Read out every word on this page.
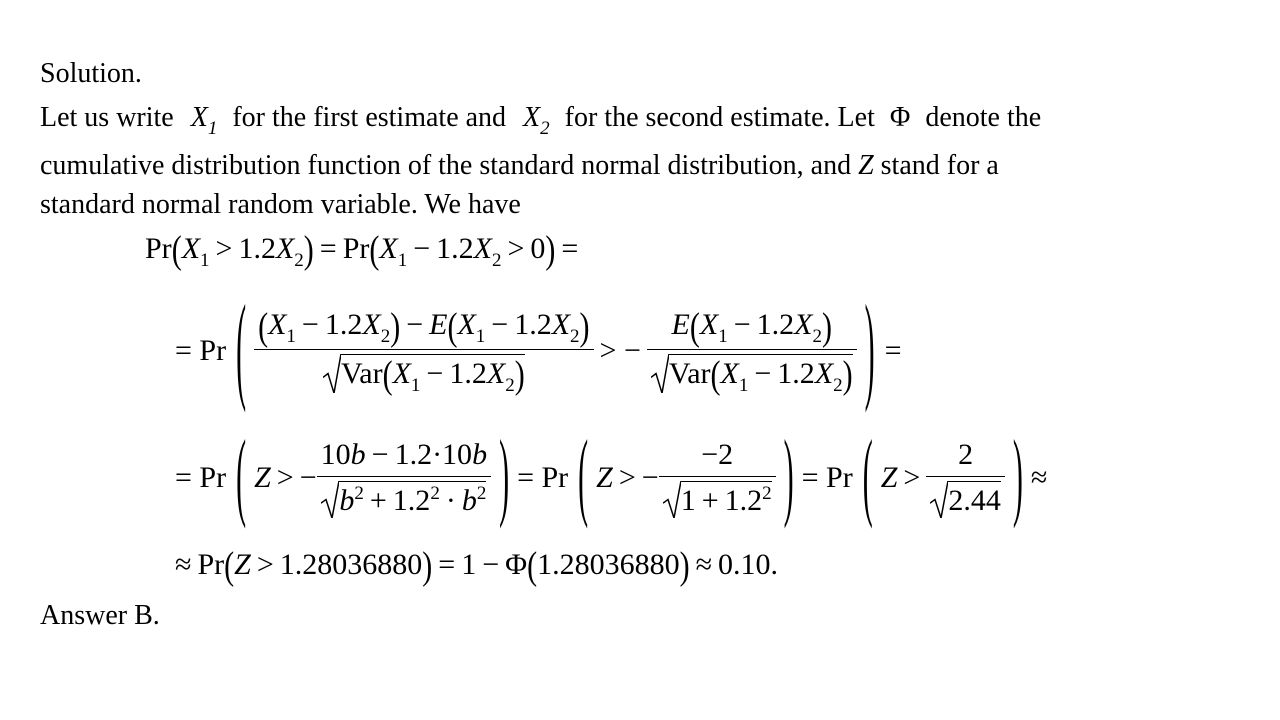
Solution.
Let us write $X_1$ for the first estimate and $X_2$ for the second estimate. Let Φ denote the
cumulative distribution function of the standard normal distribution, and Z stand for a
standard normal random variable. We have
$Pr(X_1 > 1.2X_2) = Pr(X_1 - 1.2X_2 > 0)$ =
= Pr ( $\frac{(X_1 - 1.2X_2) - E(X_1 - 1.2X_2)}{Var(X_1 - 1.2X_2)}$ > − $\frac{E(X_1 - 1.2X_2)}{Var(X_1 - 1.2X_2)}$ ) =
= Pr ( Z  > − $\frac{10b - 1.2\cdot 10b}{b^2 + 1.2^2 \cdot b^2}$ ) = Pr ( Z  > − $\frac{-2}{1 + 1.2^2}$ ) = Pr ( $Z > \frac{2}{2.44}$ ) ≈
≈ Pr(Z > 1.28036880) = 1 − Φ(1.28036880) ≈ 0.10.
Answer B.
